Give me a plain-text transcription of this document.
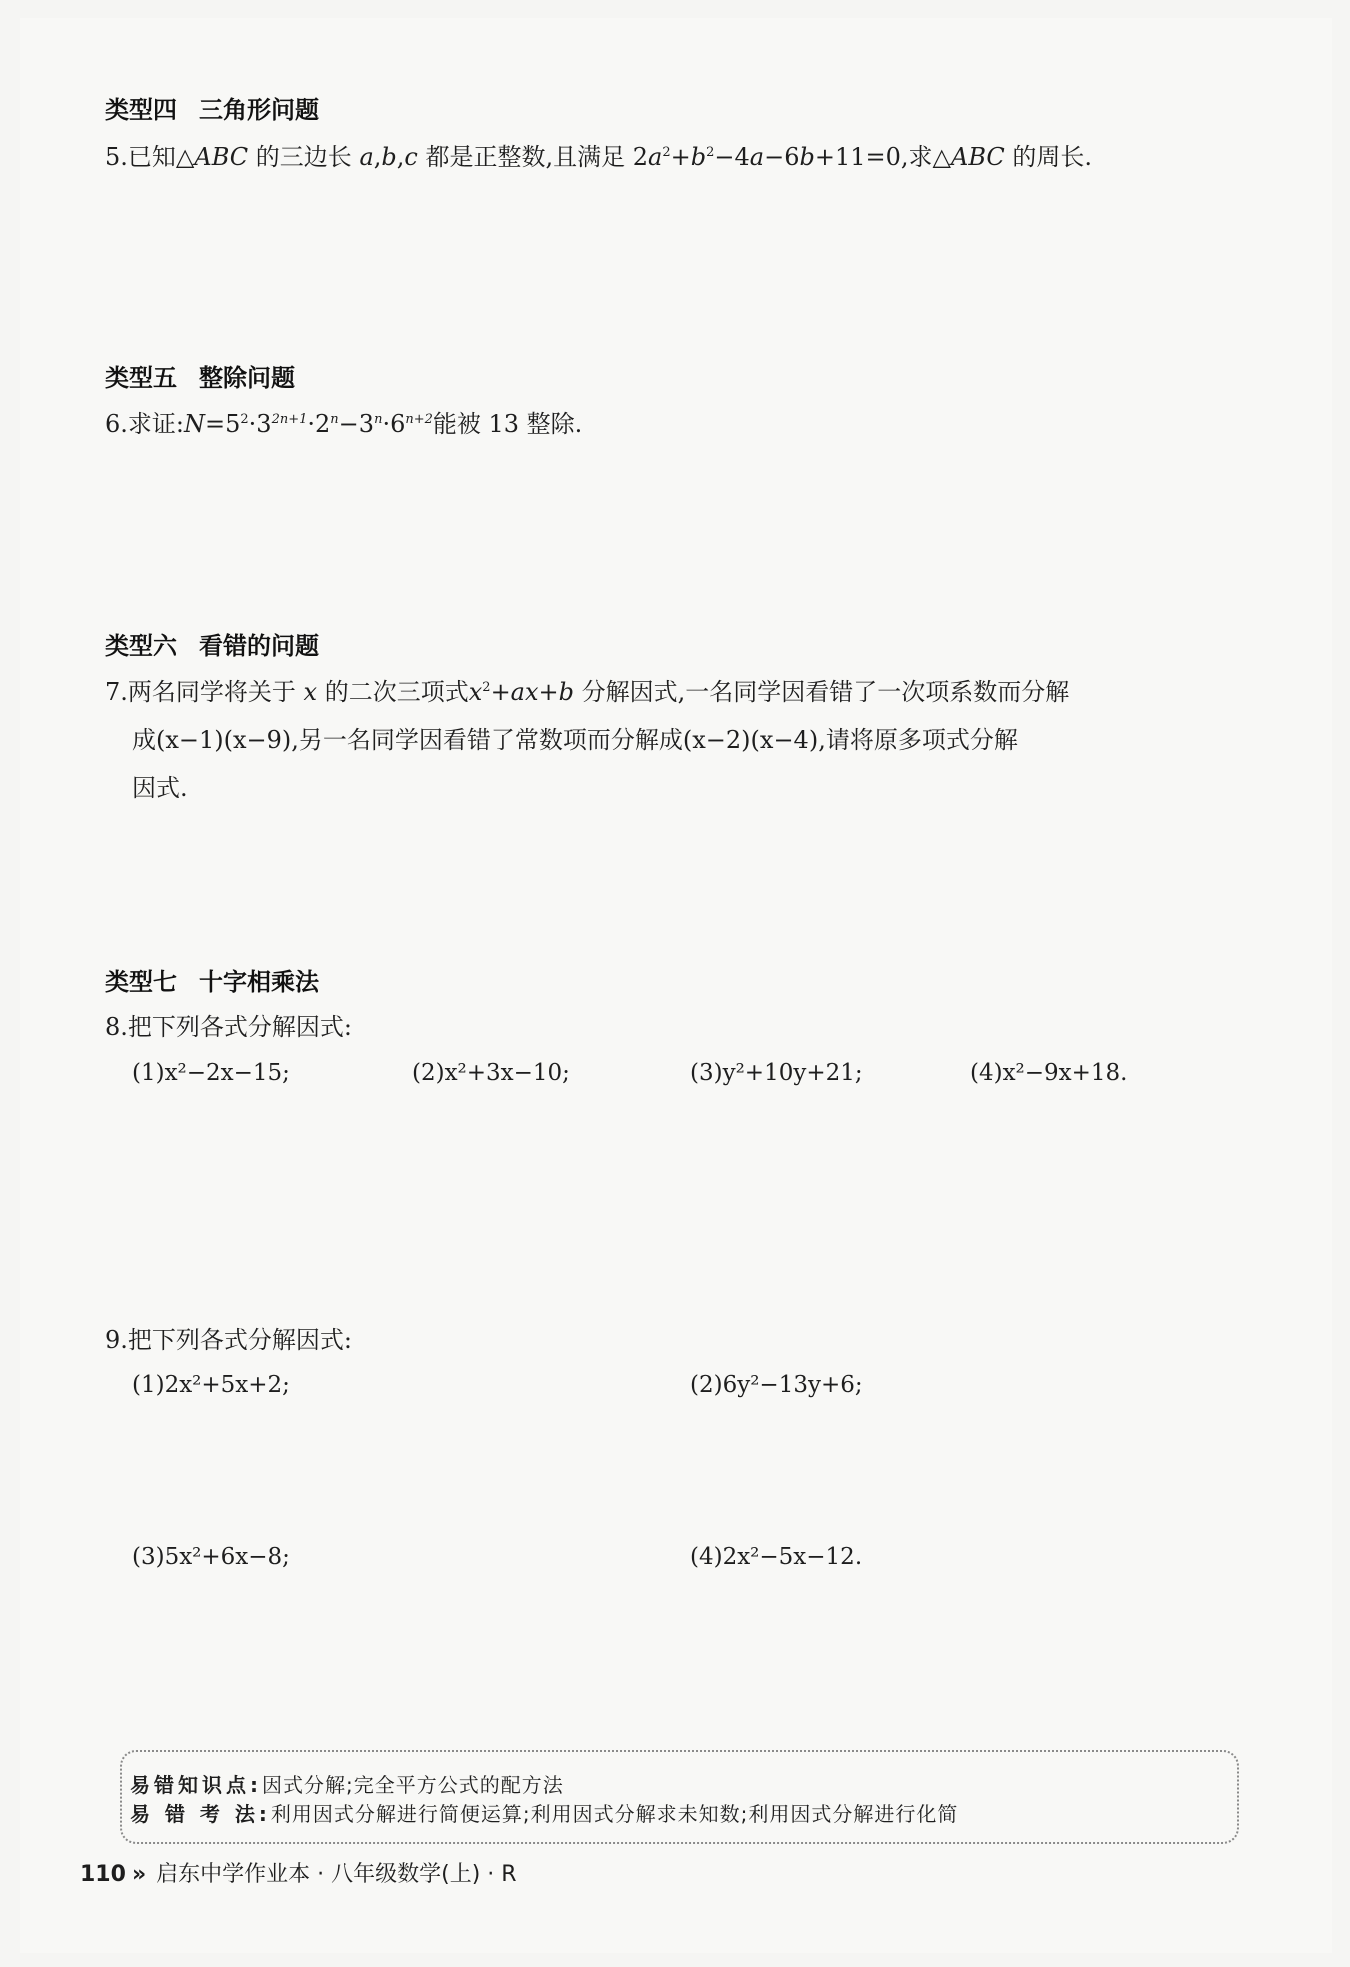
类型四 三角形问题
5.已知△ABC 的三边长 a,b,c 都是正整数,且满足 $2a^2+b^2-4a-6b+11=0$,求△ABC 的周长.
类型五 整除问题
6.求证$:N=5^2\cdot 3^{2n+1}\cdot 2^n-3^n\cdot 6^{n+2}$能被 13 整除.
类型六 看错的问题
7.两名同学将关于 x 的二次三项式$x^2+ax+b$ 分解因式,一名同学因看错了一次项系数而分解
成(x−1)(x−9),另一名同学因看错了常数项而分解成(x−2)(x−4),请将原多项式分解
因式.
类型七 十字相乘法
8.把下列各式分解因式:
(1)x²−2x−15;	(2)x²+3x−10;	(3)y²+10y+21;	(4)x²−9x+18.
9.把下列各式分解因式:
(1)2x²+5x+2;	(2)6y²−13y+6;
(3)5x²+6x−8;	(4)2x²−5x−12.
易错知识点:因式分解;完全平方公式的配方法
易 错 考 法:利用因式分解进行简便运算;利用因式分解求未知数;利用因式分解进行化简
110 » 启东中学作业本 · 八年级数学(上) · R
